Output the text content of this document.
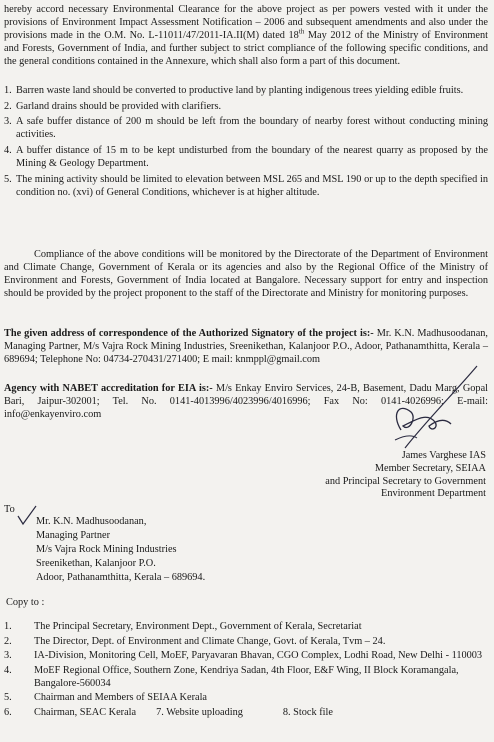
hereby accord necessary Environmental Clearance for the above project as per powers vested with it under the provisions of Environment Impact Assessment Notification – 2006 and subsequent amendments and also under the provisions made in the O.M. No. L-11011/47/2011-IA.II(M) dated 18th May 2012 of the Ministry of Environment and Forests, Government of India, and further subject to strict compliance of the following specific conditions, and the general conditions contained in the Annexure, which shall also form a part of this document.

1. Barren waste land should be converted to productive land by planting indigenous trees yielding edible fruits.
2. Garland drains should be provided with clarifiers.
3. A safe buffer distance of 200 m should be left from the boundary of nearby forest without conducting mining activities.
4. A buffer distance of 15 m to be kept undisturbed from the boundary of the nearest quarry as proposed by the Mining & Geology Department.
5. The mining activity should be limited to elevation between MSL 265 and MSL 190 or up to the depth specified in condition no. (xvi) of General Conditions, whichever is at higher altitude.

Compliance of the above conditions will be monitored by the Directorate of the Department of Environment and Climate Change, Government of Kerala or its agencies and also by the Regional Office of the Ministry of Environment and Forests, Government of India located at Bangalore. Necessary support for entry and inspection should be provided by the project proponent to the staff of the Directorate and Ministry for monitoring purposes.

The given address of correspondence of the Authorized Signatory of the project is:- Mr. K.N. Madhusoodanan, Managing Partner, M/s Vajra Rock Mining Industries, Sreenikethan, Kalanjoor P.O., Adoor, Pathanamthitta, Kerala – 689694; Telephone No: 04734-270431/271400; E mail: knmppl@gmail.com

Agency with NABET accreditation for EIA is:- M/s Enkay Enviro Services, 24-B, Basement, Dadu Marg, Gopal Bari, Jaipur-302001; Tel. No. 0141-4013996/4023996/4016996; Fax No: 0141-4026996; E-mail: info@enkayenviro.com

James Varghese IAS
Member Secretary, SEIAA
and Principal Secretary to Government
Environment Department
To
Mr. K.N. Madhusoodanan,
Managing Partner
M/s Vajra Rock Mining Industries
Sreenikethan, Kalanjoor P.O.
Adoor, Pathanamthitta, Kerala – 689694.
Copy to :
1. The Principal Secretary, Environment Dept., Government of Kerala, Secretariat
2. The Director, Dept. of Environment and Climate Change, Govt. of Kerala, Tvm – 24.
3. IA-Division, Monitoring Cell, MoEF, Paryavaran Bhavan, CGO Complex, Lodhi Road, New Delhi - 110003
4. MoEF Regional Office, Southern Zone, Kendriya Sadan, 4th Floor, E&F Wing, II Block Koramangala, Bangalore-560034
5. Chairman and Members of SEIAA Kerala
6. Chairman, SEAC Kerala 7. Website uploading	8. Stock file
